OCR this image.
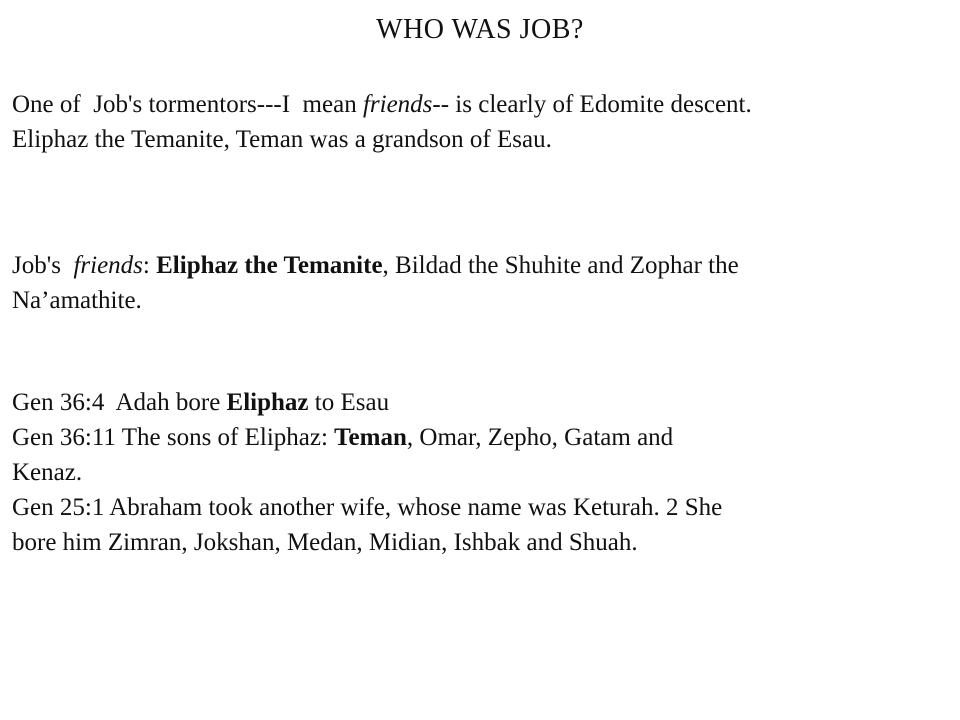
WHO WAS JOB?
One of  Job's tormentors---I  mean friends-- is clearly of Edomite descent.
Eliphaz the Temanite, Teman was a grandson of Esau.
Job's  friends: Eliphaz the Temanite, Bildad the Shuhite and Zophar the
Na’amathite.
Gen 36:4  Adah bore Eliphaz to Esau
Gen 36:11 The sons of Eliphaz: Teman, Omar, Zepho, Gatam and
Kenaz.
Gen 25:1 Abraham took another wife, whose name was Keturah. 2 She
bore him Zimran, Jokshan, Medan, Midian, Ishbak and Shuah.
